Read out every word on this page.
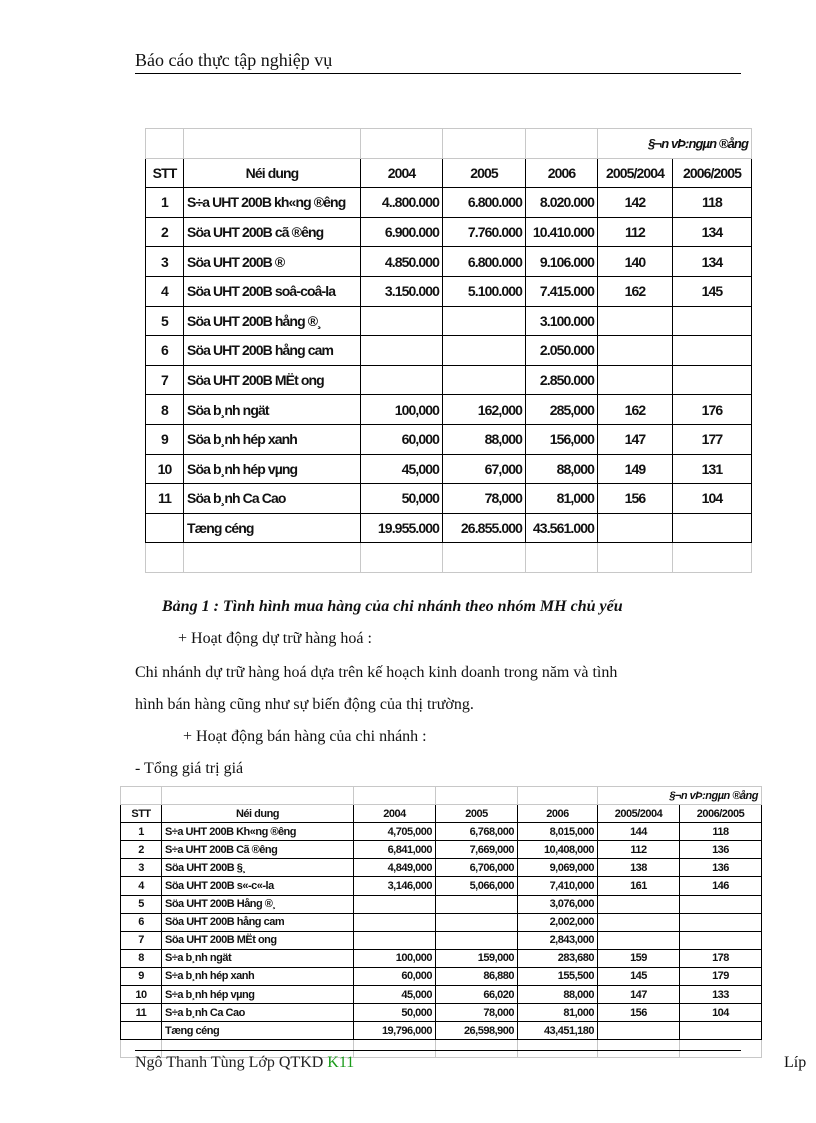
Báo cáo thực tập nghiệp vụ
					§¬n vÞ:ngµn ®ång	
STT	Néi dung	2004	2005	2006	2005/2004	2006/2005
1	S÷a UHT 200B kh«ng ®êng	4..800.000	6.800.000	8.020.000	142	118
2	Söa UHT 200B cã ®êng	6.900.000	7.760.000	10.410.000	112	134
3	Söa UHT 200B ®	4.850.000	6.800.000	9.106.000	140	134
4	Söa UHT 200B soâ-coâ-la	3.150.000	5.100.000	7.415.000	162	145
5	Söa UHT 200B hång ®¸			3.100.000		
6	Söa UHT 200B hång cam			2.050.000		
7	Söa UHT 200B MËt ong			2.850.000		
8	Söa b¸nh ngät	100,000	162,000	285,000	162	176
9	Söa b¸nh hép xanh	60,000	88,000	156,000	147	177
10	Söa b¸nh hép vµng	45,000	67,000	88,000	149	131
11	Söa b¸nh Ca Cao	50,000	78,000	81,000	156	104
	Tæng céng	19.955.000	26.855.000	43.561.000		

Bảng 1 : Tình hình mua hàng của chi nhánh theo nhóm MH chủ yếu
+ Hoạt động dự trữ hàng hoá :
Chi nhánh dự trữ hàng hoá dựa trên kế hoạch kinh doanh trong năm và tình
hình bán hàng cũng như sự biến động của thị trường.
+ Hoạt động bán hàng của chi nhánh :
- Tổng giá trị giá
					§¬n vÞ:ngµn ®ång	
STT	Néi dung	2004	2005	2006	2005/2004	2006/2005
1	S÷a UHT 200B Kh«ng ®êng	4,705,000	6,768,000	8,015,000	144	118
2	S÷a UHT 200B Cã ®êng	6,841,000	7,669,000	10,408,000	112	136
3	Söa UHT 200B §¸	4,849,000	6,706,000	9,069,000	138	136
4	Söa UHT 200B s«-c«-la	3,146,000	5,066,000	7,410,000	161	146
5	Söa UHT 200B Hång ®¸			3,076,000		
6	Söa UHT 200B hång cam			2,002,000		
7	Söa UHT 200B MËt ong			2,843,000		
8	S÷a b¸nh ngät	100,000	159,000	283,680	159	178
9	S÷a b¸nh hép xanh	60,000	86,880	155,500	145	179
10	S÷a b¸nh hép vµng	45,000	66,020	88,000	147	133
11	S÷a b¸nh Ca Cao	50,000	78,000	81,000	156	104
	Tæng céng	19,796,000	26,598,900	43,451,180		

Ngô Thanh Tùng Lớp QTKD K11	Líp
